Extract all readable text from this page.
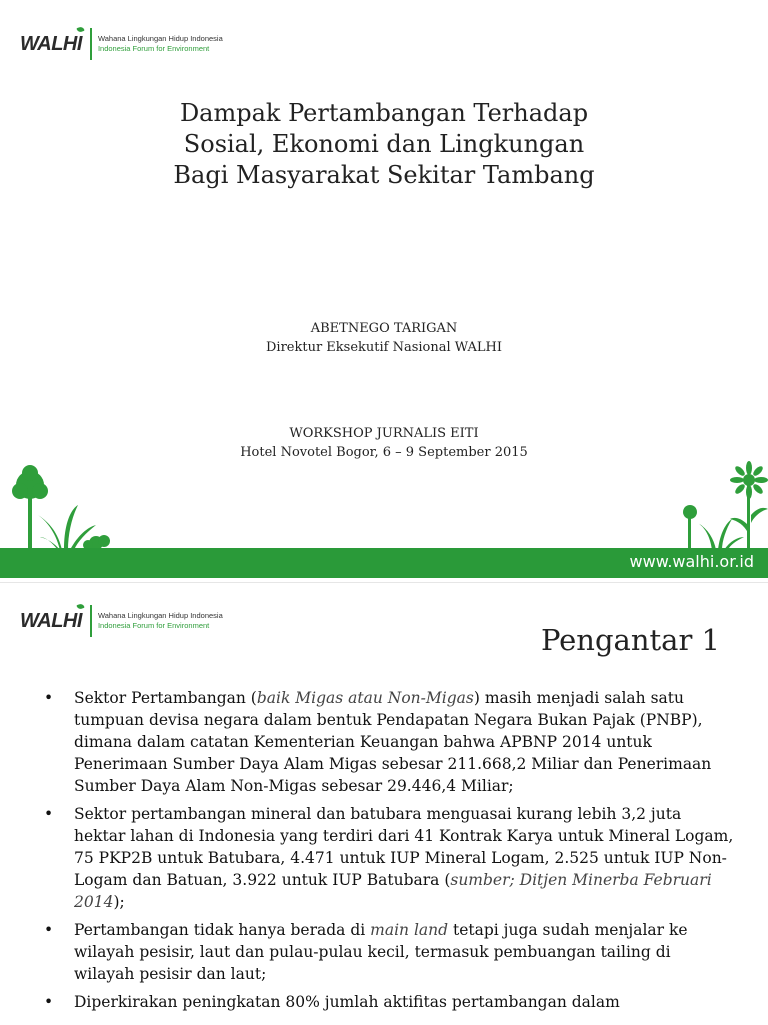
WALHI Wahana Lingkungan Hidup Indonesia
Indonesia Forum for Environment
Dampak Pertambangan Terhadap
Sosial, Ekonomi dan Lingkungan
Bagi Masyarakat Sekitar Tambang
ABETNEGO TARIGAN
Direktur Eksekutif Nasional WALHI
WORKSHOP JURNALIS EITI
Hotel Novotel Bogor, 6 – 9 September 2015
www.walhi.or.id
WALHI Wahana Lingkungan Hidup Indonesia
Indonesia Forum for Environment	Pengantar 1
• Sektor Pertambangan (baik Migas atau Non-Migas) masih menjadi salah satu tumpuan devisa negara dalam bentuk Pendapatan Negara Bukan Pajak (PNBP), dimana dalam catatan Kementerian Keuangan bahwa APBNP 2014 untuk Penerimaan Sumber Daya Alam Migas sebesar 211.668,2 Miliar dan Penerimaan Sumber Daya Alam Non-Migas sebesar 29.446,4 Miliar;
• Sektor pertambangan mineral dan batubara menguasai kurang lebih 3,2 juta hektar lahan di Indonesia yang terdiri dari 41 Kontrak Karya untuk Mineral Logam, 75 PKP2B untuk Batubara, 4.471 untuk IUP Mineral Logam, 2.525 untuk IUP Non-Logam dan Batuan, 3.922 untuk IUP Batubara (sumber; Ditjen Minerba Februari 2014);
• Pertambangan tidak hanya berada di main land tetapi juga sudah menjalar ke wilayah pesisir, laut dan pulau-pulau kecil, termasuk pembuangan tailing di wilayah pesisir dan laut;
• Diperkirakan peningkatan 80% jumlah aktifitas pertambangan dalam
